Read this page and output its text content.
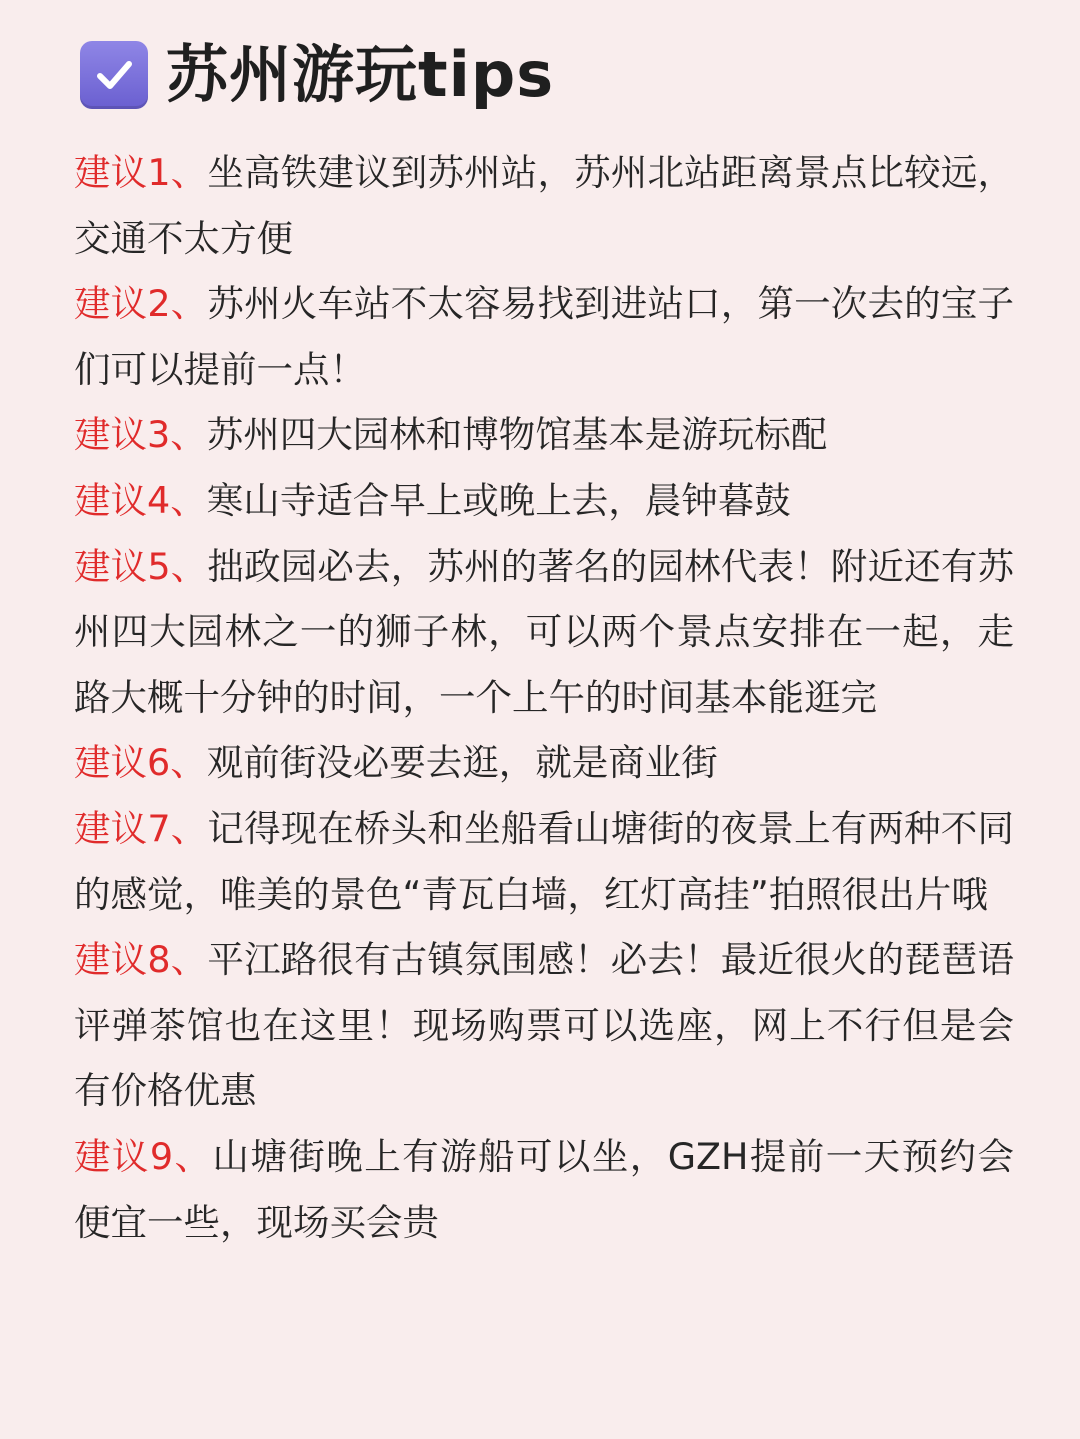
苏州游玩tips
建议1、坐高铁建议到苏州站，苏州北站距离景点比较远，交通不太方便
建议2、苏州火车站不太容易找到进站口，第一次去的宝子们可以提前一点！
建议3、苏州四大园林和博物馆基本是游玩标配
建议4、寒山寺适合早上或晚上去，晨钟暮鼓
建议5、拙政园必去，苏州的著名的园林代表！附近还有苏州四大园林之一的狮子林，可以两个景点安排在一起，走路大概十分钟的时间，一个上午的时间基本能逛完
建议6、观前街没必要去逛，就是商业街
建议7、记得现在桥头和坐船看山塘街的夜景上有两种不同的感觉，唯美的景色“青瓦白墙，红灯高挂”拍照很出片哦
建议8、平江路很有古镇氛围感！必去！最近很火的琵琶语评弹茶馆也在这里！现场购票可以选座，网上不行但是会有价格优惠
建议9、山塘街晚上有游船可以坐，GZH提前一天预约会便宜一些，现场买会贵
